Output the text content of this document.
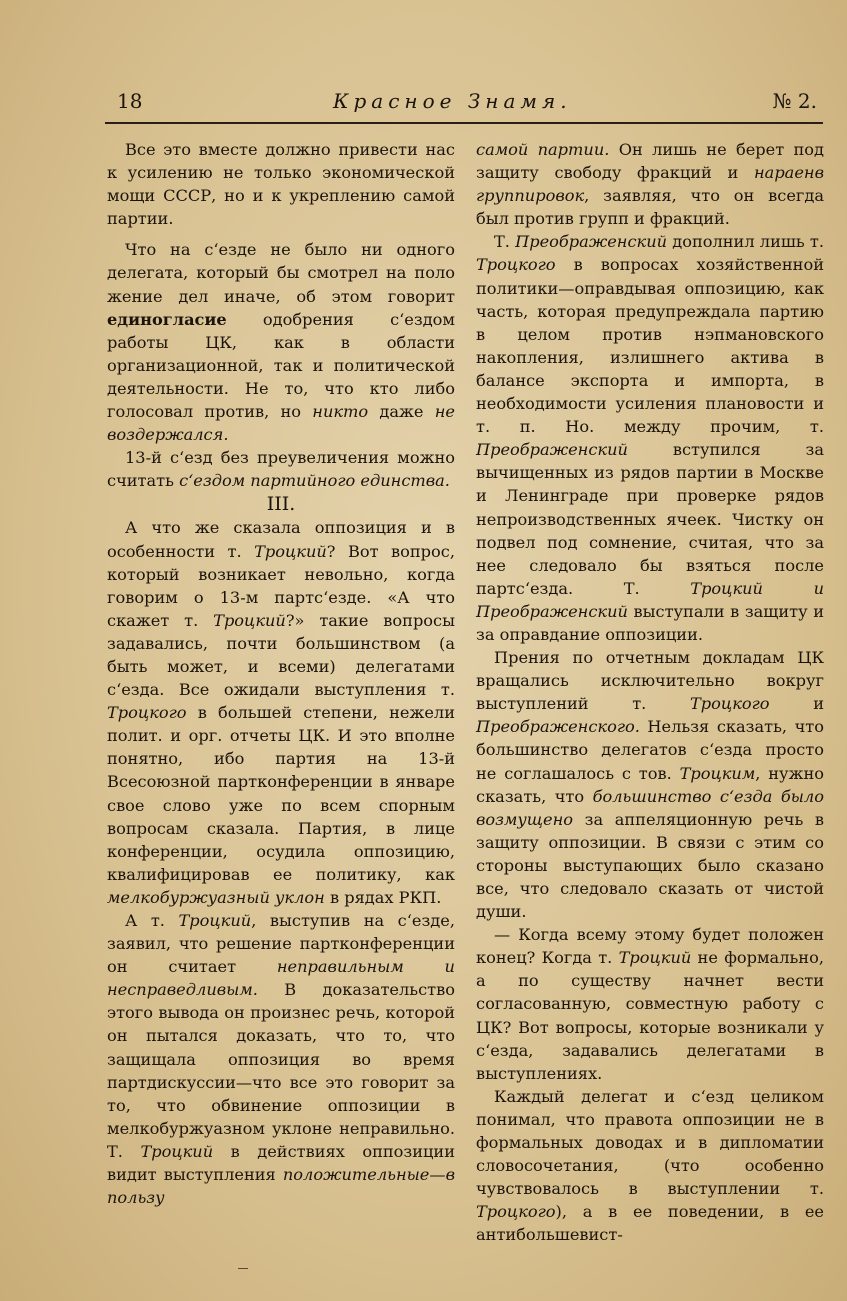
18	Красное Знамя.	№ 2.

Все это вместе должно привести нас к усилению не только экономической мощи СССР, но и к укреплению самой партии.

Что на с‘езде не было ни одного делегата, который бы смотрел на поло жение дел иначе, об этом говорит единогласие одобрения с‘ездом работы ЦК, как в области организационной, так и политической деятельности. Не то, что кто либо голосовал против, но никто даже не воздержался.

13-й с‘езд без преувеличения можно считать с‘ездом партийного единства.

III.

А что же сказала оппозиция и в особенности т. Троцкий? Вот вопрос, который возникает невольно, когда говорим о 13-м партс‘езде. «А что скажет т. Троцкий?» такие вопросы задавались, почти большинством (а быть может, и всеми) делегатами с‘езда. Все ожидали выступления т. Троцкого в большей степени, нежели полит. и орг. отчеты ЦК. И это вполне понятно, ибо партия на 13-й Всесоюзной партконференции в январе свое слово уже по всем спорным вопросам сказала. Партия, в лице конференции, осудила оппозицию, квалифицировав ее политику, как мелкобуржуазный уклон в рядах РКП.

А т. Троцкий, выступив на с‘езде, заявил, что решение партконференции он считает неправильным и несправедливым. В доказательство этого вывода он произнес речь, которой он пытался доказать, что то, что защищала оппозиция во время партдискуссии—что все это говорит за то, что обвинение оппозиции в мелкобуржуазном уклоне неправильно. Т. Троцкий в действиях оппозиции видит выступления положительные—в пользу

самой партии. Он лишь не берет под защиту свободу фракций и нараенв группировок, заявляя, что он всегда был против групп и фракций.

Т. Преображенский дополнил лишь т. Троцкого в вопросах хозяйственной политики—оправдывая оппозицию, как часть, которая предупреждала партию в целом против нэпмановского накопления, излишнего актива в балансе экспорта и импорта, в необходимости усиления плановости и т. п. Но. между прочим, т. Преображенский вступился за вычищенных из рядов партии в Москве и Ленинграде при проверке рядов непроизводственных ячеек. Чистку он подвел под сомнение, считая, что за нее следовало бы взяться после партс‘езда. Т. Троцкий и Преображенский выступали в защиту и за оправдание оппозиции.

Прения по отчетным докладам ЦК вращались исключительно вокруг выступлений т. Троцкого и Преображенского. Нельзя сказать, что большинство делегатов с‘езда просто не соглашалось с тов. Троцким, нужно сказать, что большинство с‘езда было возмущено за аппеляционную речь в защиту оппозиции. В связи с этим со стороны выступающих было сказано все, что следовало сказать от чистой души.

— Когда всему этому будет положен конец? Когда т. Троцкий не формально, а по существу начнет вести согласованную, совместную работу с ЦК? Вот вопросы, которые возникали у с‘езда, задавались делегатами в выступлениях.

Каждый делегат и с‘езд целиком понимал, что правота оппозиции не в формальных доводах и в дипломатии словосочетания, (что особенно чувствовалось в выступлении т. Троцкого), а в ее поведении, в ее антибольшевист-
